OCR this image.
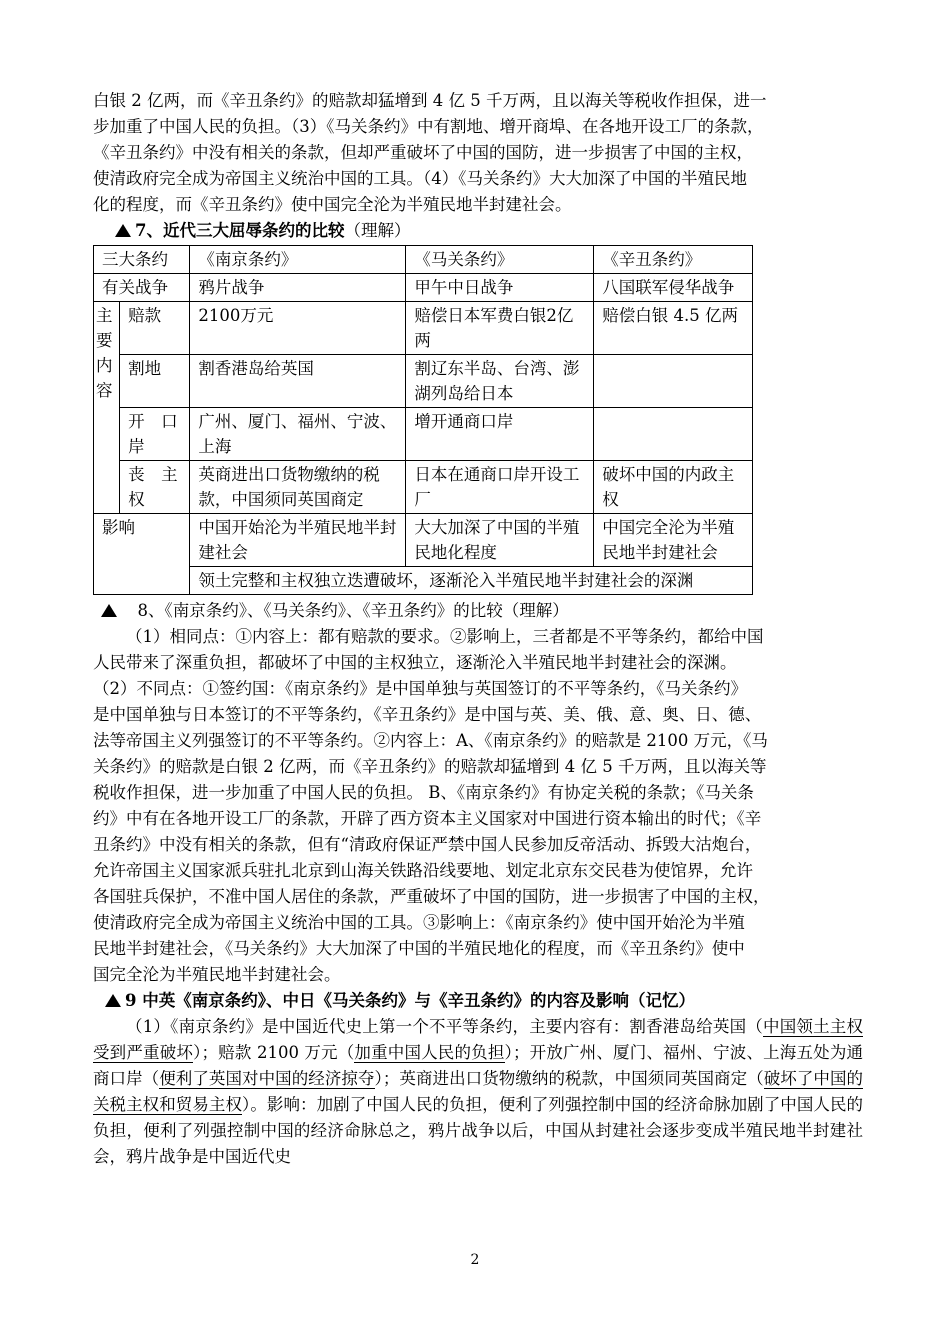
白银 2 亿两，而《辛丑条约》的赔款却猛增到 4 亿 5 千万两，且以海关等税收作担保，进一

步加重了中国人民的负担。（3）《马关条约》中有割地、增开商埠、在各地开设工厂的条款，

《辛丑条约》中没有相关的条款，但却严重破坏了中国的国防，进一步损害了中国的主权，

使清政府完全成为帝国主义统治中国的工具。（4）《马关条约》大大加深了中国的半殖民地

化的程度，而《辛丑条约》使中国完全沦为半殖民地半封建社会。

7、近代三大屈辱条约的比较（理解）

三大条约		《南京条约》	《马关条约》	《辛丑条约》
有关战争		鸦片战争	甲午中日战争	八国联军侵华战争
主要内容	赔款	2100万元	赔偿日本军费白银2亿两	赔偿白银 4.5 亿两
	割地	割香港岛给英国	割辽东半岛、台湾、澎湖列岛给日本	
	开　口岸	广州、厦门、福州、宁波、上海	增开通商口岸	
	丧　主权	英商进出口货物缴纳的税款，中国须同英国商定	日本在通商口岸开设工厂	破坏中国的内政主权
影响		中国开始沦为半殖民地半封建社会	大大加深了中国的半殖民地化程度	中国完全沦为半殖民地半封建社会
		领土完整和主权独立迭遭破坏，逐渐沦入半殖民地半封建社会的深渊		

　8、《南京条约》、《马关条约》、《辛丑条约》的比较（理解）

（1）相同点：①内容上：都有赔款的要求。②影响上，三者都是不平等条约，都给中国

人民带来了深重负担，都破坏了中国的主权独立，逐渐沦入半殖民地半封建社会的深渊。

（2）不同点：①签约国：《南京条约》是中国单独与英国签订的不平等条约，《马关条约》

是中国单独与日本签订的不平等条约，《辛丑条约》是中国与英、美、俄、意、奥、日、德、

法等帝国主义列强签订的不平等条约。②内容上：A、《南京条约》的赔款是 2100 万元，《马

关条约》的赔款是白银 2 亿两，而《辛丑条约》的赔款却猛增到 4 亿 5 千万两，且以海关等

税收作担保，进一步加重了中国人民的负担。 B、《南京条约》有协定关税的条款；《马关条

约》中有在各地开设工厂的条款，开辟了西方资本主义国家对中国进行资本输出的时代；《辛

丑条约》中没有相关的条款，但有“清政府保证严禁中国人民参加反帝活动、拆毁大沽炮台，

允许帝国主义国家派兵驻扎北京到山海关铁路沿线要地、划定北京东交民巷为使馆界，允许

各国驻兵保护，不准中国人居住的条款，严重破坏了中国的国防，进一步损害了中国的主权，

使清政府完全成为帝国主义统治中国的工具。③影响上：《南京条约》使中国开始沦为半殖

民地半封建社会，《马关条约》大大加深了中国的半殖民地化的程度，而《辛丑条约》使中

国完全沦为半殖民地半封建社会。

9 中英《南京条约》、中日《马关条约》与《辛丑条约》的内容及影响（记忆）

（1）《南京条约》是中国近代史上第一个不平等条约，主要内容有：割香港岛给英国（中国领土主权受到严重破坏）；赔款 2100 万元（加重中国人民的负担）；开放广州、厦门、福州、宁波、上海五处为通商口岸（便利了英国对中国的经济掠夺）；英商进出口货物缴纳的税款，中国须同英国商定（破坏了中国的关税主权和贸易主权）。影响：加剧了中国人民的负担，便利了列强控制中国的经济命脉加剧了中国人民的负担，便利了列强控制中国的经济命脉总之，鸦片战争以后，中国从封建社会逐步变成半殖民地半封建社会，鸦片战争是中国近代史

2
